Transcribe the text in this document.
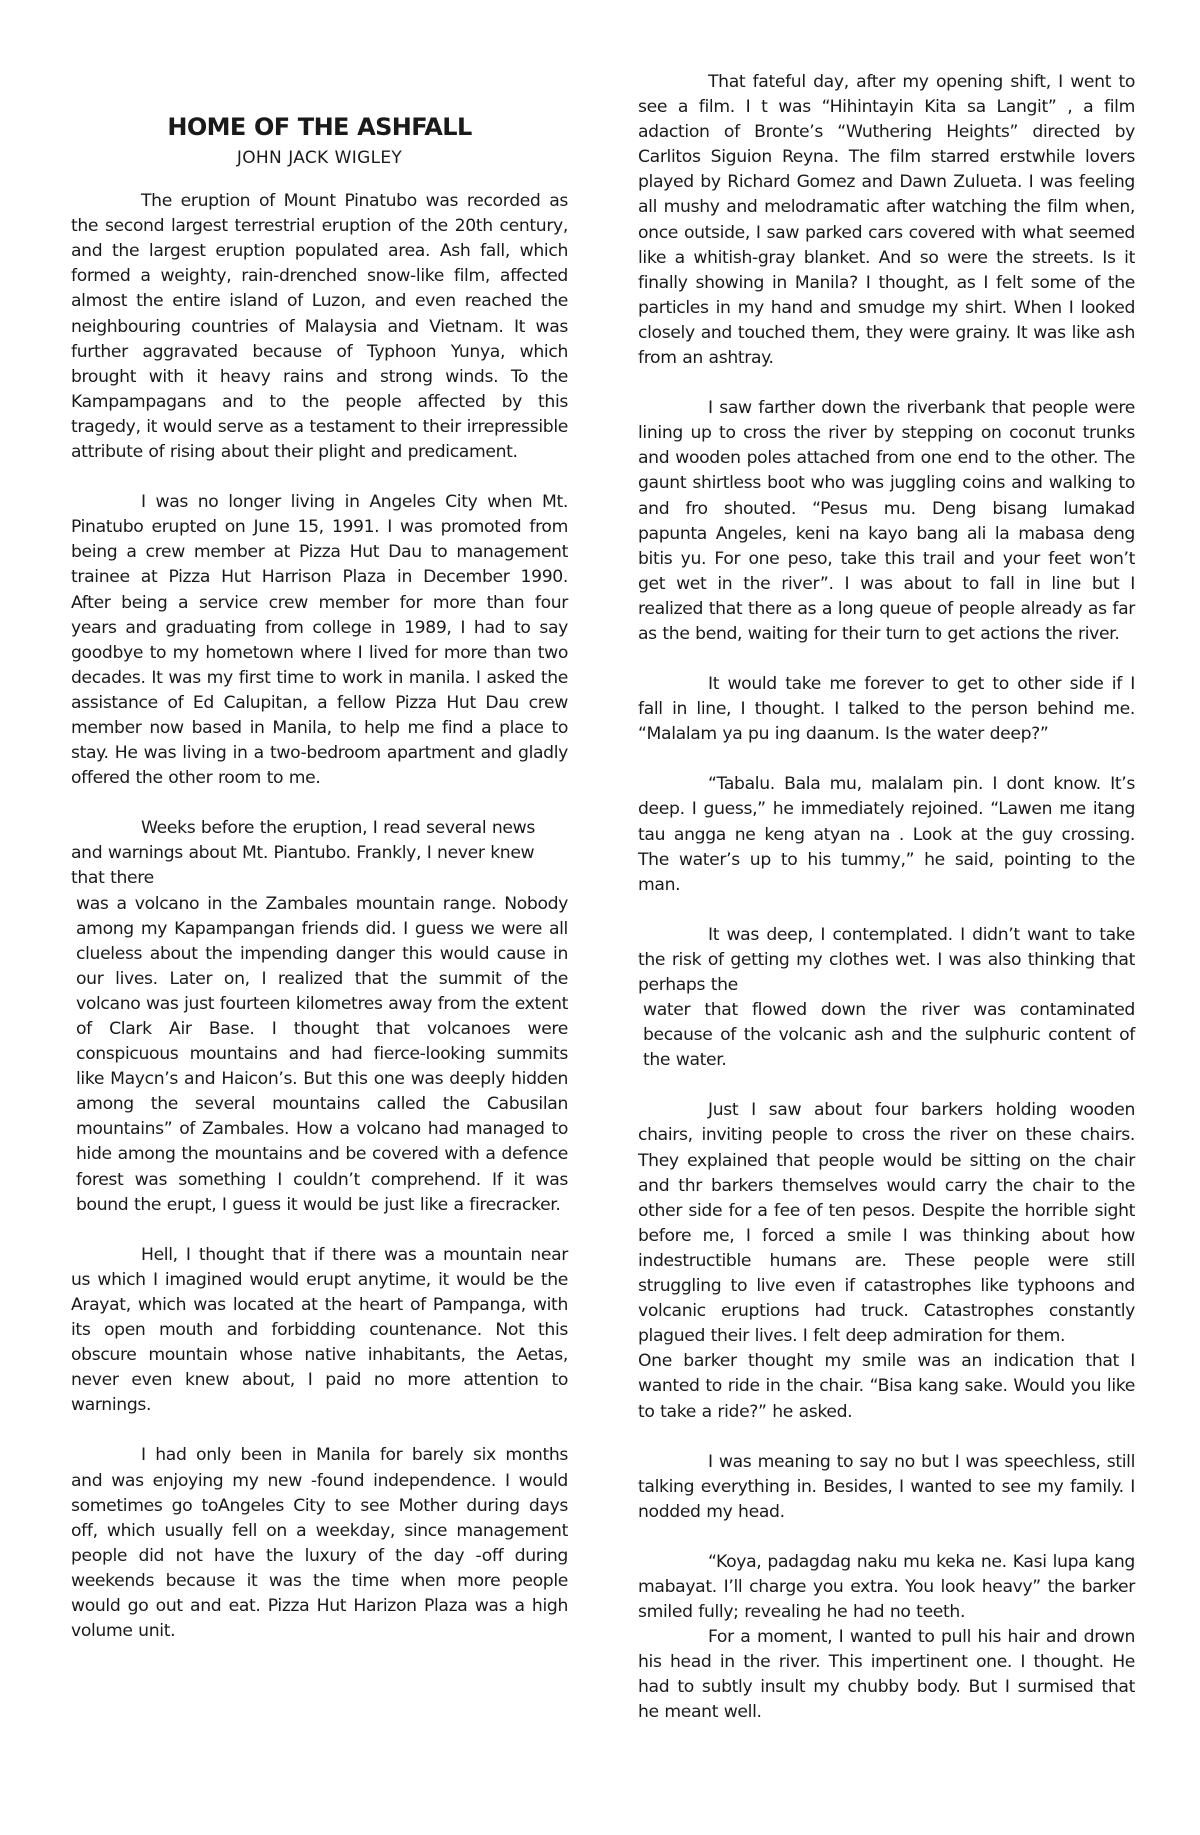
HOME OF THE ASHFALL
JOHN JACK WIGLEY

The eruption of Mount Pinatubo was recorded as the second largest terrestrial eruption of the 20th century, and the largest eruption populated area. Ash fall, which formed a weighty, rain-drenched snow-like film, affected almost the entire island of Luzon, and even reached the neighbouring countries of Malaysia and Vietnam. It was further aggravated because of Typhoon Yunya, which brought with it heavy rains and strong winds. To the Kampampagans and to the people affected by this tragedy, it would serve as a testament to their irrepressible attribute of rising about their plight and predicament.

I was no longer living in Angeles City when Mt. Pinatubo erupted on June 15, 1991. I was promoted from being a crew member at Pizza Hut Dau to management trainee at Pizza Hut Harrison Plaza in December 1990. After being a service crew member for more than four years and graduating from college in 1989, I had to say goodbye to my hometown where I lived for more than two decades. It was my first time to work in manila. I asked the assistance of Ed Calupitan, a fellow Pizza Hut Dau crew member now based in Manila, to help me find a place to stay. He was living in a two-bedroom apartment and gladly offered the other room to me.

Weeks before the eruption, I read several news and warnings about Mt. Piantubo. Frankly, I never knew that there

was a volcano in the Zambales mountain range. Nobody among my Kapampangan friends did. I guess we were all clueless about the impending danger this would cause in our lives. Later on, I realized that the summit of the volcano was just fourteen kilometres away from the extent of Clark Air Base. I thought that volcanoes were conspicuous mountains and had fierce-looking summits like Maycn’s and Haicon’s. But this one was deeply hidden among the several mountains called the Cabusilan mountains” of Zambales. How a volcano had managed to hide among the mountains and be covered with a defence forest was something I couldn’t comprehend. If it was bound the erupt, I guess it would be just like a firecracker.

Hell, I thought that if there was a mountain near us which I imagined would erupt anytime, it would be the Arayat, which was located at the heart of Pampanga, with its open mouth and forbidding countenance. Not this obscure mountain whose native inhabitants, the Aetas, never even knew about, I paid no more attention to warnings.

I had only been in Manila for barely six months and was enjoying my new -found independence. I would sometimes go toAngeles City to see Mother during days off, which usually fell on a weekday, since management people did not have the luxury of the day -off during weekends because it was the time when more people would go out and eat. Pizza Hut Harizon Plaza was a high volume unit.

That fateful day, after my opening shift, I went to see a film. I t was “Hihintayin Kita sa Langit” , a film adaction of Bronte’s “Wuthering Heights” directed by Carlitos Siguion Reyna. The film starred erstwhile lovers played by Richard Gomez and Dawn Zulueta. I was feeling all mushy and melodramatic after watching the film when, once outside, I saw parked cars covered with what seemed like a whitish-gray blanket. And so were the streets. Is it finally showing in Manila? I thought, as I felt some of the particles in my hand and smudge my shirt. When I looked closely and touched them, they were grainy. It was like ash from an ashtray.

I saw farther down the riverbank that people were lining up to cross the river by stepping on coconut trunks and wooden poles attached from one end to the other. The gaunt shirtless boot who was juggling coins and walking to and fro shouted. “Pesus mu. Deng bisang lumakad papunta Angeles, keni na kayo bang ali la mabasa deng bitis yu. For one peso, take this trail and your feet won’t get wet in the river”. I was about to fall in line but I realized that there as a long queue of people already as far as the bend, waiting for their turn to get actions the river.

It would take me forever to get to other side if I fall in line, I thought. I talked to the person behind me. “Malalam ya pu ing daanum. Is the water deep?”

“Tabalu. Bala mu, malalam pin. I dont know. It’s deep. I guess,” he immediately rejoined. “Lawen me itang tau angga ne keng atyan na . Look at the guy crossing. The water’s up to his tummy,” he said, pointing to the man.

It was deep, I contemplated. I didn’t want to take the risk of getting my clothes wet. I was also thinking that perhaps the

water that flowed down the river was contaminated because of the volcanic ash and the sulphuric content of the water.

Just I saw about four barkers holding wooden chairs, inviting people to cross the river on these chairs. They explained that people would be sitting on the chair and thr barkers themselves would carry the chair to the other side for a fee of ten pesos. Despite the horrible sight before me, I forced a smile I was thinking about how indestructible humans are. These people were still struggling to live even if catastrophes like typhoons and volcanic eruptions had truck. Catastrophes constantly plagued their lives. I felt deep admiration for them.

One barker thought my smile was an indication that I wanted to ride in the chair. “Bisa kang sake. Would you like to take a ride?” he asked.

I was meaning to say no but I was speechless, still talking everything in. Besides, I wanted to see my family. I nodded my head.

“Koya, padagdag naku mu keka ne. Kasi lupa kang mabayat. I’ll charge you extra. You look heavy” the barker smiled fully; revealing he had no teeth.

For a moment, I wanted to pull his hair and drown his head in the river. This impertinent one. I thought. He had to subtly insult my chubby body. But I surmised that he meant well.
